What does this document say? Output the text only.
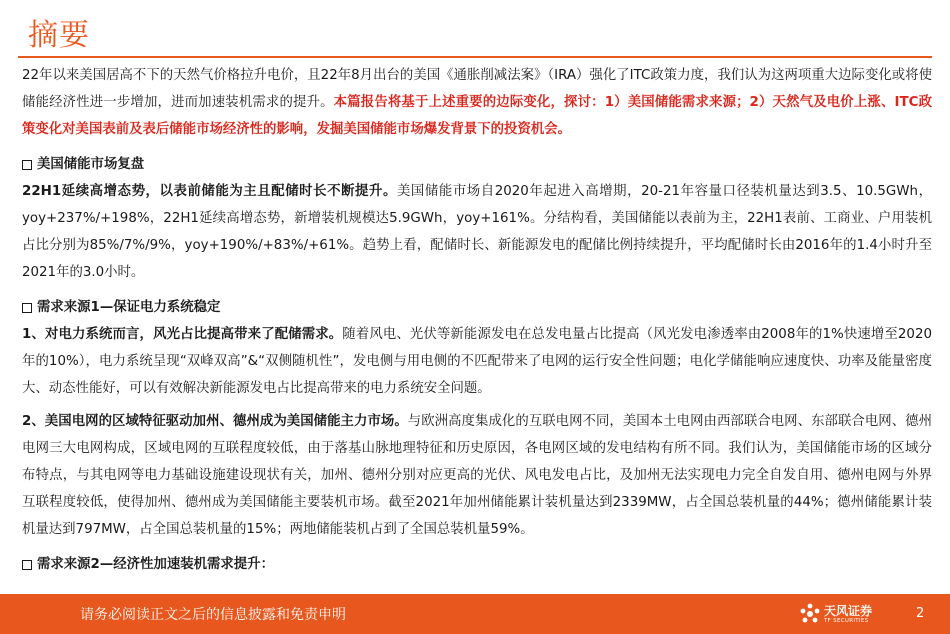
摘要

22年以来美国居高不下的天然气价格拉升电价，且22年8月出台的美国《通胀削减法案》（IRA）强化了ITC政策力度，我们认为这两项重大边际变化或将使储能经济性进一步增加，进而加速装机需求的提升。本篇报告将基于上述重要的边际变化，探讨：1）美国储能需求来源；2）天然气及电价上涨、ITC政策变化对美国表前及表后储能市场经济性的影响，发掘美国储能市场爆发背景下的投资机会。

美国储能市场复盘

22H1延续高增态势，以表前储能为主且配储时长不断提升。美国储能市场自2020年起进入高增期，20-21年容量口径装机量达到3.5、10.5GWh，yoy+237%/+198%，22H1延续高增态势，新增装机规模达5.9GWh，yoy+161%。分结构看，美国储能以表前为主，22H1表前、工商业、户用装机占比分别为85%/7%/9%，yoy+190%/+83%/+61%。趋势上看，配储时长、新能源发电的配储比例持续提升，平均配储时长由2016年的1.4小时升至2021年的3.0小时。

需求来源1—保证电力系统稳定

1、对电力系统而言，风光占比提高带来了配储需求。随着风电、光伏等新能源发电在总发电量占比提高（风光发电渗透率由2008年的1%快速增至2020年的10%），电力系统呈现“双峰双高”&“双侧随机性”，发电侧与用电侧的不匹配带来了电网的运行安全性问题；电化学储能响应速度快、功率及能量密度大、动态性能好，可以有效解决新能源发电占比提高带来的电力系统安全问题。

2、美国电网的区域特征驱动加州、德州成为美国储能主力市场。与欧洲高度集成化的互联电网不同，美国本土电网由西部联合电网、东部联合电网、德州电网三大电网构成，区域电网的互联程度较低，由于落基山脉地理特征和历史原因，各电网区域的发电结构有所不同。我们认为，美国储能市场的区域分布特点，与其电网等电力基础设施建设现状有关，加州、德州分别对应更高的光伏、风电发电占比，及加州无法实现电力完全自发自用、德州电网与外界互联程度较低，使得加州、德州成为美国储能主要装机市场。截至2021年加州储能累计装机量达到2339MW，占全国总装机量的44%；德州储能累计装机量达到797MW，占全国总装机量的15%；两地储能装机占到了全国总装机量59%。

需求来源2—经济性加速装机需求提升：

请务必阅读正文之后的信息披露和免责申明	天风证券
TF SECURITIES	2
